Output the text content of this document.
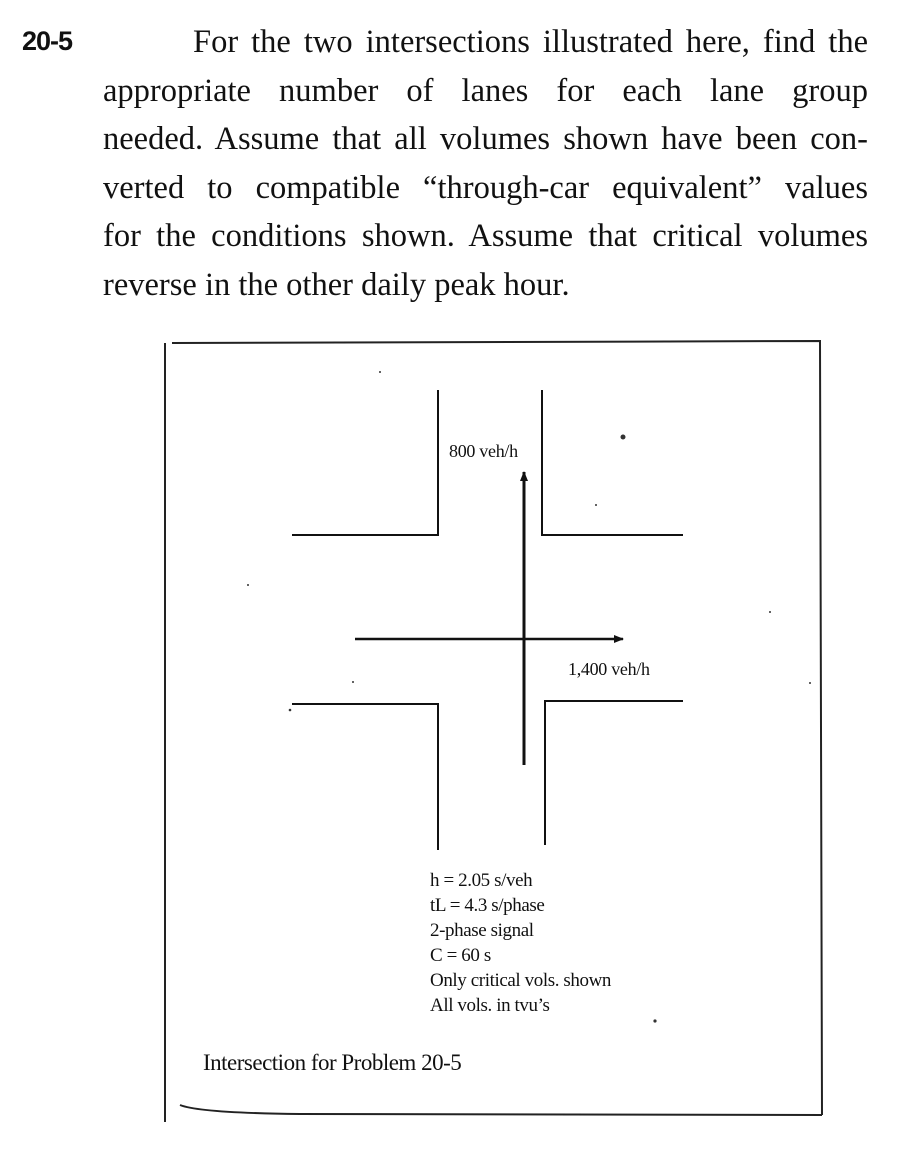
20-5	For the two intersections illustrated here, find the
appropriate number of lanes for each lane group
needed. Assume that all volumes shown have been con-
verted to compatible “through-car equivalent” values
for the conditions shown. Assume that critical volumes
reverse in the other daily peak hour.
800 veh/h
1,400 veh/h
h = 2.05 s/veh
tL = 4.3 s/phase
2-phase signal
C = 60 s
Only critical vols. shown
All vols. in tvu’s
Intersection for Problem 20-5
